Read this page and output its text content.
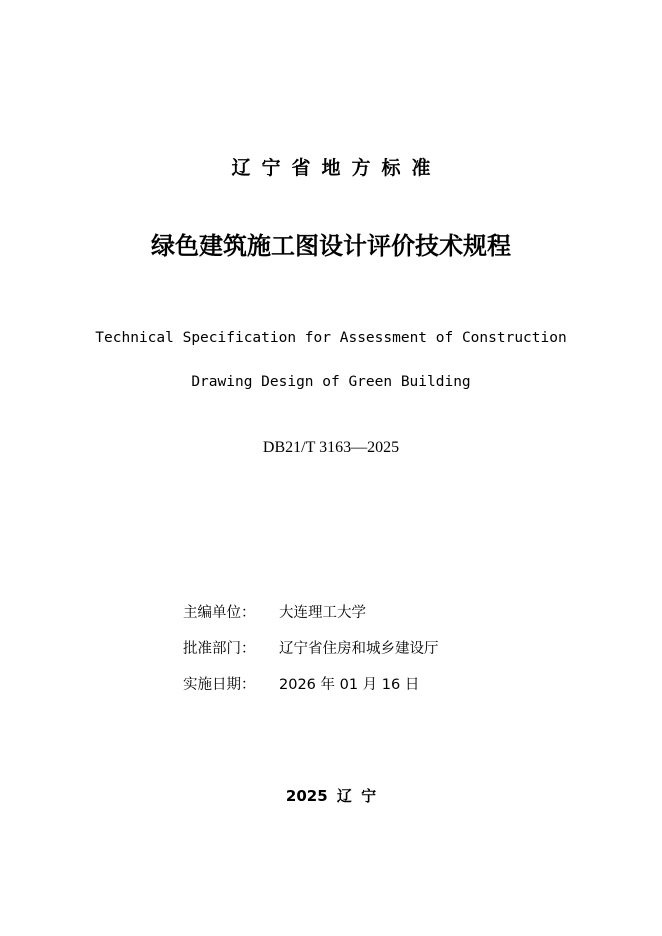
辽宁省地方标准
绿色建筑施工图设计评价技术规程
Technical Specification for Assessment of Construction
Drawing Design of Green Building
DB21/T 3163—2025
主编单位： 大连理工大学
批准部门： 辽宁省住房和城乡建设厅
实施日期： 2026 年 01 月 16 日
2025 辽 宁
